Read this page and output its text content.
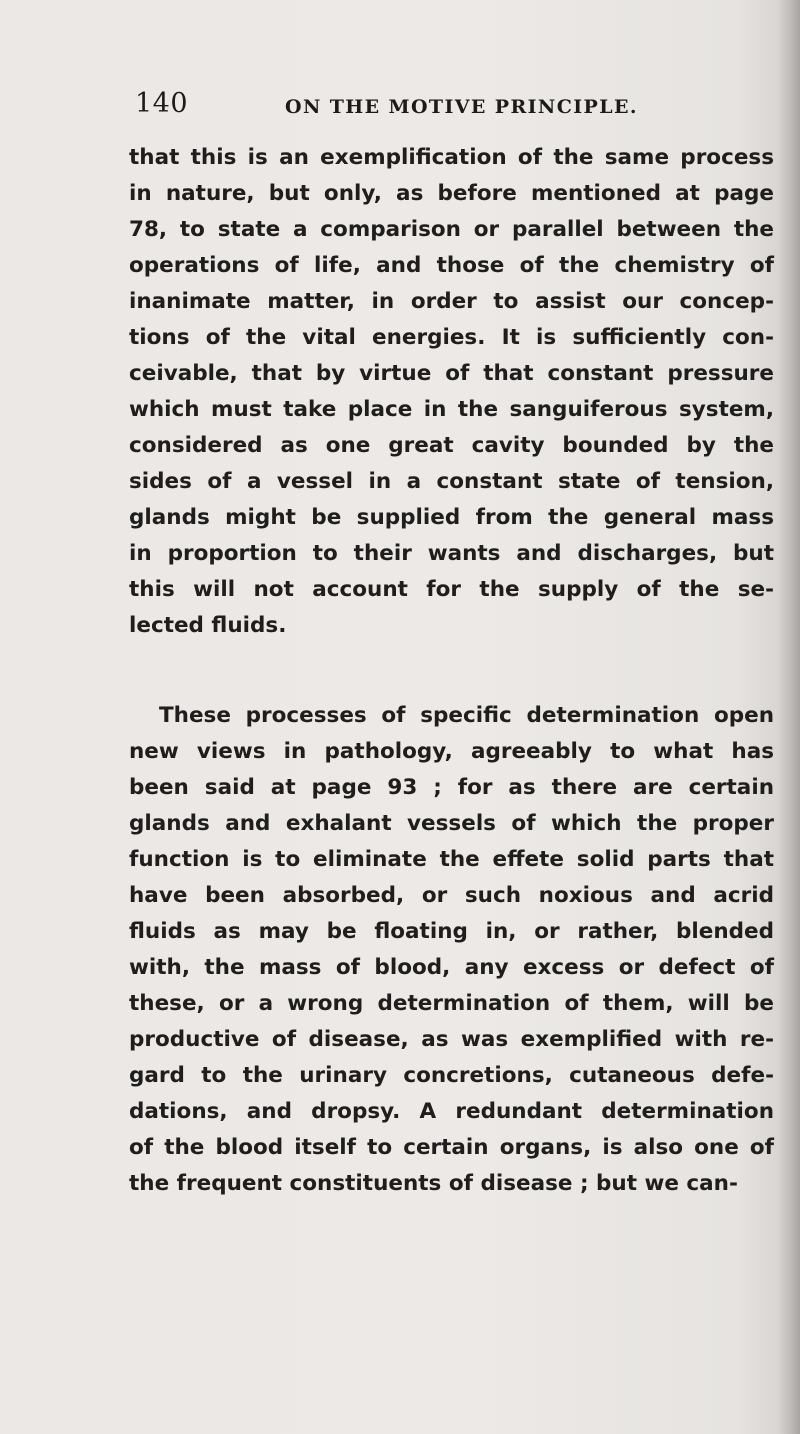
140	ON THE MOTIVE PRINCIPLE.
that this is an exemplification of the same process
in nature, but only, as before mentioned at page
78, to state a comparison or parallel between the
operations of life, and those of the chemistry of
inanimate matter, in order to assist our concep-
tions of the vital energies. It is sufficiently con-
ceivable, that by virtue of that constant pressure
which must take place in the sanguiferous system,
considered as one great cavity bounded by the
sides of a vessel in a constant state of tension,
glands might be supplied from the general mass
in proportion to their wants and discharges, but
this will not account for the supply of the se-
lected fluids.
These processes of specific determination open
new views in pathology, agreeably to what has
been said at page 93 ; for as there are certain
glands and exhalant vessels of which the proper
function is to eliminate the effete solid parts that
have been absorbed, or such noxious and acrid
fluids as may be floating in, or rather, blended
with, the mass of blood, any excess or defect of
these, or a wrong determination of them, will be
productive of disease, as was exemplified with re-
gard to the urinary concretions, cutaneous defe-
dations, and dropsy. A redundant determination
of the blood itself to certain organs, is also one of
the frequent constituents of disease ; but we can-
